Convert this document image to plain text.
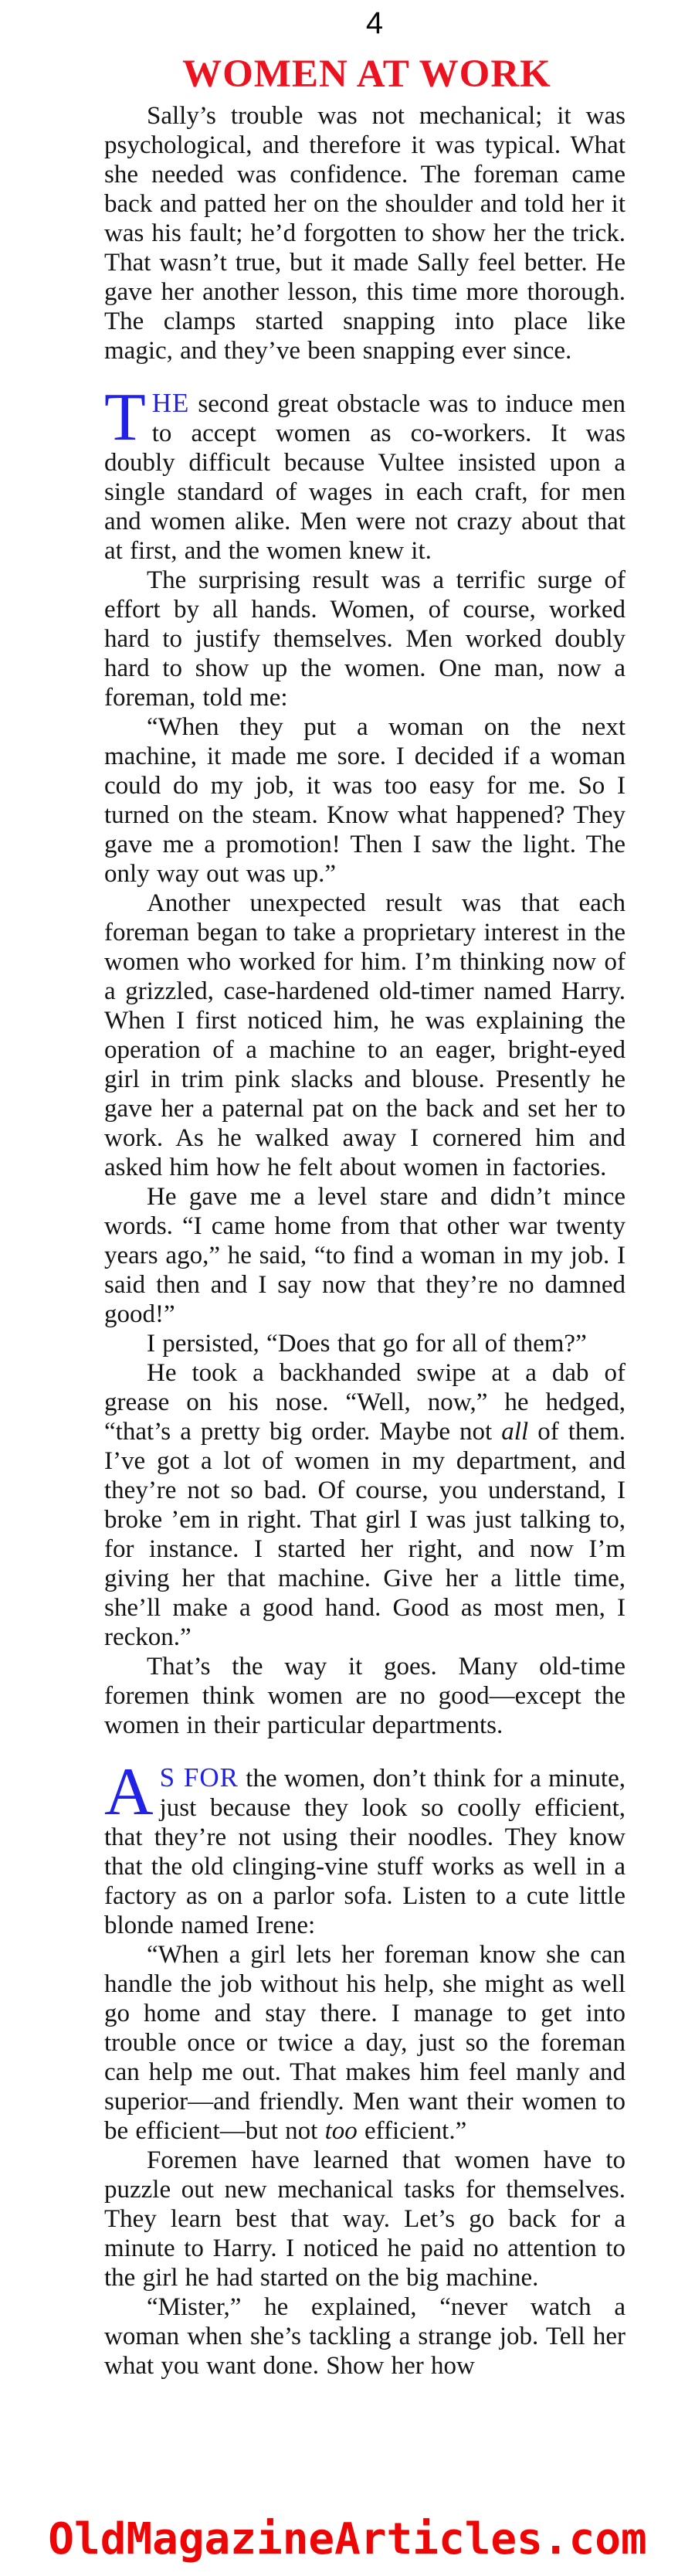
4
WOMEN AT WORK

Sally’s trouble was not mechanical; it was psychological, and therefore it was typical. What she needed was confidence. The foreman came back and patted her on the shoulder and told her it was his fault; he’d forgotten to show her the trick. That wasn’t true, but it made Sally feel better. He gave her another lesson, this time more thorough. The clamps started snapping into place like magic, and they’ve been snapping ever since.

THE second great obstacle was to induce men to accept women as co-workers. It was doubly difficult because Vultee insisted upon a single standard of wages in each craft, for men and women alike. Men were not crazy about that at first, and the women knew it.

The surprising result was a terrific surge of effort by all hands. Women, of course, worked hard to justify themselves. Men worked doubly hard to show up the women. One man, now a foreman, told me:

“When they put a woman on the next machine, it made me sore. I decided if a woman could do my job, it was too easy for me. So I turned on the steam. Know what happened? They gave me a promotion! Then I saw the light. The only way out was up.”

Another unexpected result was that each foreman began to take a proprietary interest in the women who worked for him. I’m thinking now of a grizzled, case-hardened old-timer named Harry. When I first noticed him, he was explaining the operation of a machine to an eager, bright-eyed girl in trim pink slacks and blouse. Presently he gave her a paternal pat on the back and set her to work. As he walked away I cornered him and asked him how he felt about women in factories.

He gave me a level stare and didn’t mince words. “I came home from that other war twenty years ago,” he said, “to find a woman in my job. I said then and I say now that they’re no damned good!”

I persisted, “Does that go for all of them?”

He took a backhanded swipe at a dab of grease on his nose. “Well, now,” he hedged, “that’s a pretty big order. Maybe not all of them. I’ve got a lot of women in my department, and they’re not so bad. Of course, you understand, I broke ’em in right. That girl I was just talking to, for instance. I started her right, and now I’m giving her that machine. Give her a little time, she’ll make a good hand. Good as most men, I reckon.”

That’s the way it goes. Many old-time foremen think women are no good—except the women in their particular departments.

A S FOR the women, don’t think for a minute, just because they look so coolly efficient, that they’re not using their noodles. They know that the old clinging-vine stuff works as well in a factory as on a parlor sofa. Listen to a cute little blonde named Irene:

“When a girl lets her foreman know she can handle the job without his help, she might as well go home and stay there. I manage to get into trouble once or twice a day, just so the foreman can help me out. That makes him feel manly and superior—and friendly. Men want their women to be efficient—but not too efficient.”

Foremen have learned that women have to puzzle out new mechanical tasks for themselves. They learn best that way. Let’s go back for a minute to Harry. I noticed he paid no attention to the girl he had started on the big machine.

“Mister,” he explained, “never watch a woman when she’s tackling a strange job. Tell her what you want done. Show her how

OldMagazineArticles.com
